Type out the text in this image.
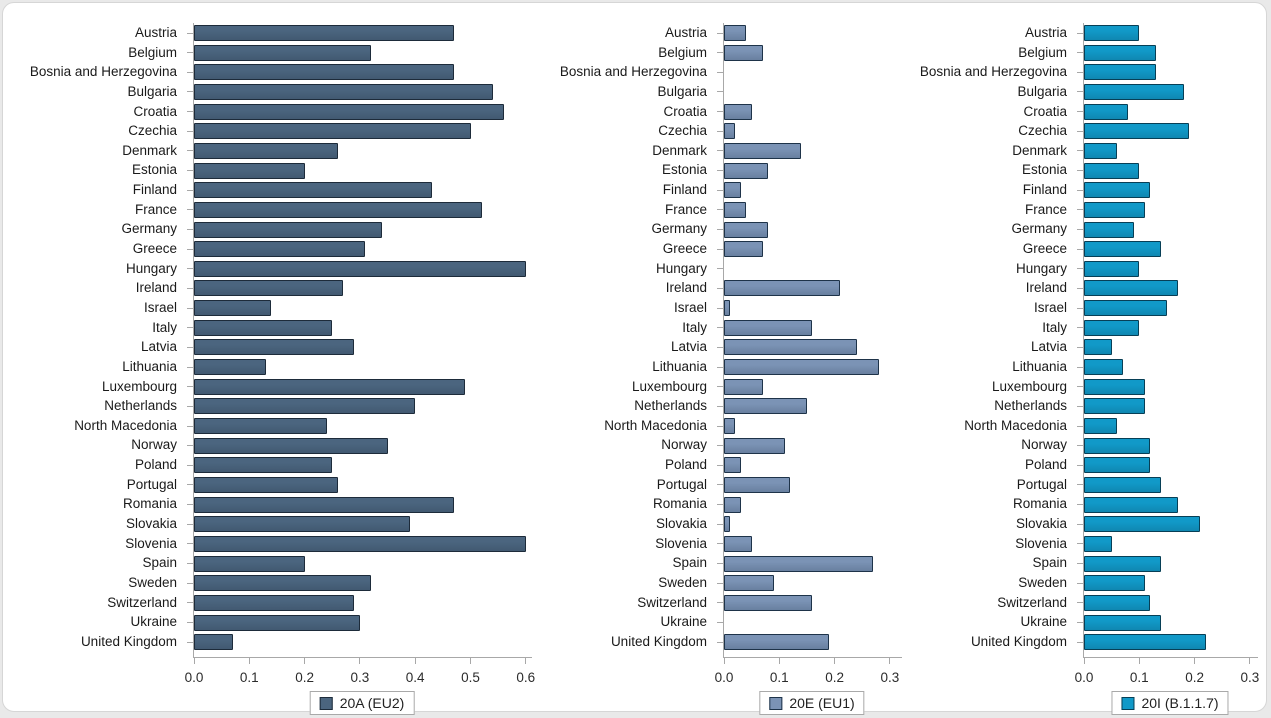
Austria
Belgium
Bosnia and Herzegovina
Bulgaria
Croatia
Czechia
Denmark
Estonia
Finland
France
Germany
Greece
Hungary
Ireland
Israel
Italy
Latvia
Lithuania
Luxembourg
Netherlands
North Macedonia
Norway
Poland
Portugal
Romania
Slovakia
Slovenia
Spain
Sweden
Switzerland
Ukraine
United Kingdom
0.0	0.1	0.2	0.3	0.4	0.5	0.6
20A (EU2)
Austria
Belgium
Bosnia and Herzegovina
Bulgaria
Croatia
Czechia
Denmark
Estonia
Finland
France
Germany
Greece
Hungary
Ireland
Israel
Italy
Latvia
Lithuania
Luxembourg
Netherlands
North Macedonia
Norway
Poland
Portugal
Romania
Slovakia
Slovenia
Spain
Sweden
Switzerland
Ukraine
United Kingdom
0.0	0.1	0.2	0.3
20E (EU1)
Austria
Belgium
Bosnia and Herzegovina
Bulgaria
Croatia
Czechia
Denmark
Estonia
Finland
France
Germany
Greece
Hungary
Ireland
Israel
Italy
Latvia
Lithuania
Luxembourg
Netherlands
North Macedonia
Norway
Poland
Portugal
Romania
Slovakia
Slovenia
Spain
Sweden
Switzerland
Ukraine
United Kingdom
0.0	0.1	0.2	0.3
20I (B.1.1.7)
